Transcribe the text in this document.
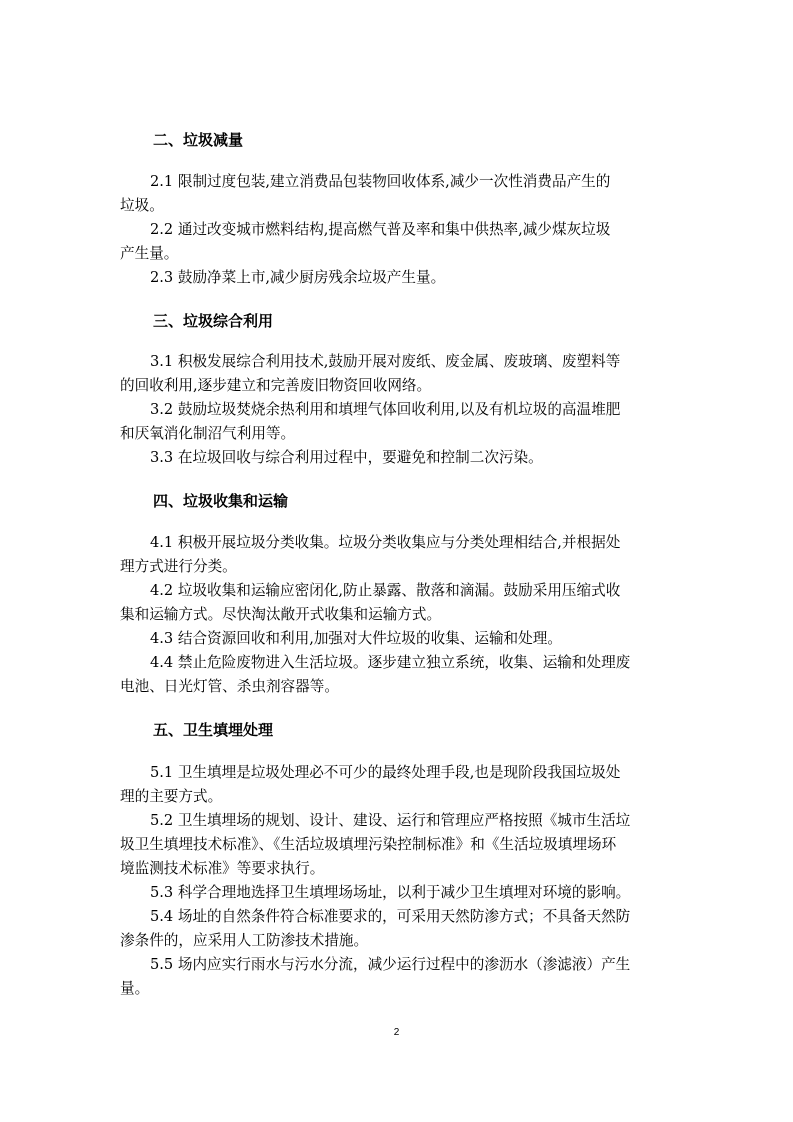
二、垃圾减量
2.1 限制过度包装,建立消费品包装物回收体系,减少一次性消费品产生的
垃圾。
2.2 通过改变城市燃料结构,提高燃气普及率和集中供热率,减少煤灰垃圾
产生量。
2.3 鼓励净菜上市,减少厨房残余垃圾产生量。
三、垃圾综合利用
3.1 积极发展综合利用技术,鼓励开展对废纸、废金属、废玻璃、废塑料等
的回收利用,逐步建立和完善废旧物资回收网络。
3.2 鼓励垃圾焚烧余热利用和填埋气体回收利用,以及有机垃圾的高温堆肥
和厌氧消化制沼气利用等。
3.3 在垃圾回收与综合利用过程中，要避免和控制二次污染。
四、垃圾收集和运输
4.1 积极开展垃圾分类收集。垃圾分类收集应与分类处理相结合,并根据处
理方式进行分类。
4.2 垃圾收集和运输应密闭化,防止暴露、散落和滴漏。鼓励采用压缩式收
集和运输方式。尽快淘汰敞开式收集和运输方式。
4.3 结合资源回收和利用,加强对大件垃圾的收集、运输和处理。
4.4 禁止危险废物进入生活垃圾。逐步建立独立系统，收集、运输和处理废
电池、日光灯管、杀虫剂容器等。
五、卫生填埋处理
5.1 卫生填埋是垃圾处理必不可少的最终处理手段,也是现阶段我国垃圾处
理的主要方式。
5.2 卫生填埋场的规划、设计、建设、运行和管理应严格按照《城市生活垃
圾卫生填埋技术标准》、《生活垃圾填埋污染控制标准》和《生活垃圾填埋场环
境监测技术标准》等要求执行。
5.3 科学合理地选择卫生填埋场场址，以利于减少卫生填埋对环境的影响。
5.4 场址的自然条件符合标准要求的，可采用天然防渗方式；不具备天然防
渗条件的，应采用人工防渗技术措施。
5.5 场内应实行雨水与污水分流，减少运行过程中的渗沥水（渗滤液）产生
量。
2
